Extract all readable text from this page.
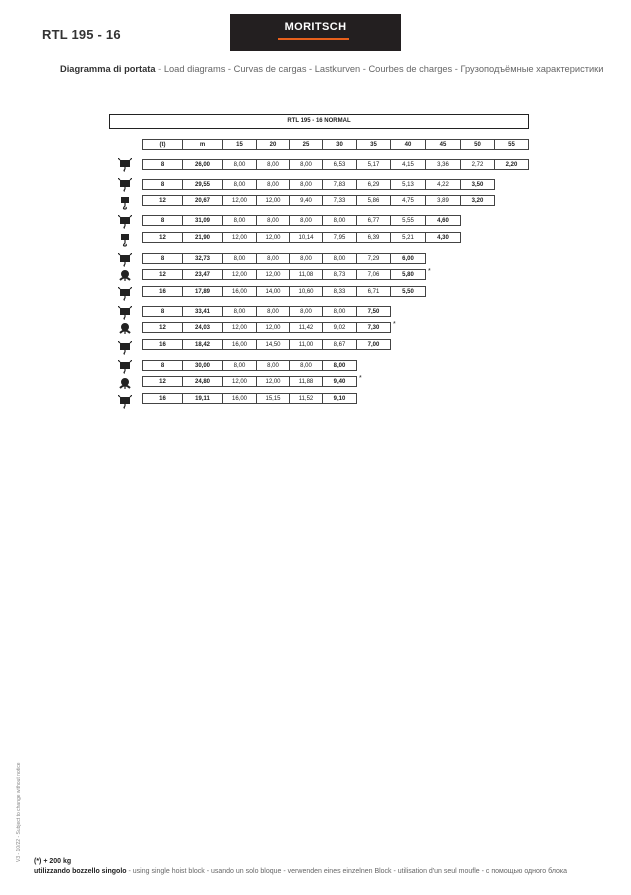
RTL 195 - 16	MORITSCH
Diagramma di portata - Load diagrams - Curvas de cargas - Lastkurven - Courbes de charges - Грузоподъёмные характеристики
RTL 195 - 16 NORMAL
(t)	m	15	20	25	30	35	40	45	50	55
8	26,00	8,00	8,00	8,00	6,53	5,17	4,15	3,36	2,72	2,20
8	29,55	8,00	8,00	8,00	7,83	6,29	5,13	4,22	3,50
12	20,67	12,00	12,00	9,40	7,33	5,86	4,75	3,89	3,20
8	31,09	8,00	8,00	8,00	8,00	6,77	5,55	4,60
12	21,90	12,00	12,00	10,14	7,95	6,39	5,21	4,30
8	32,73	8,00	8,00	8,00	8,00	7,29	6,00
12	23,47	12,00	12,00	11,08	8,73	7,06	5,80	*
16	17,89	16,00	14,00	10,60	8,33	6,71	5,50
8	33,41	8,00	8,00	8,00	8,00	7,50
12	24,03	12,00	12,00	11,42	9,02	7,30	*
16	18,42	16,00	14,50	11,00	8,67	7,00
8	30,00	8,00	8,00	8,00	8,00
12	24,80	12,00	12,00	11,88	9,40	*
16	19,11	16,00	15,15	11,52	9,10
V3 - 10/22 - Subject to change without notice (*) + 200 kg
utilizzando bozzello singolo - using single hoist block - usando un solo bloque - verwenden eines einzelnen Block - utilisation d'un seul moufle - с помощью одного блока
